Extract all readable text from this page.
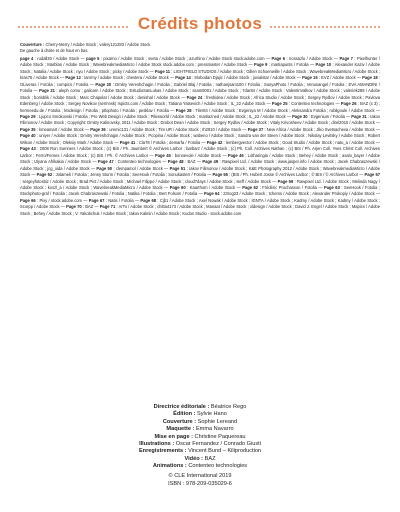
Crédits photos

Couverture : Cherry-Merry / Adobe Stock ; valery121283 / Adobe Stock
De gauche à droite et de haut en bas.

page 4 : rudall30 / Adobe Stock — page 5 : pixarno / Adobe Stock ; sveta / Adobe Stock ; azurhino / Adobe Stock stock.adobe.com — Page 6 : nossazlu / Adobe Stock — Page 7 : Pixelhunter / Adobe Stock ; Marblan / Adobe Stock ; WavebreakmediaMicro / Adobe Stock stock.adobe.com ; pressmaster / Adobe Stock — Page 9 : martiapunts / Fotolia — Page 10 : Alexander Kaziv / Adobe Stock ; Natalia / Adobe Stock ; nyu / Adobe Stock ; picky / Adobe Stock — Page 11 : LIGHTFIELD STUDIOS / Adobe Stock ; Gillen Schoenwille / Adobe Stock ; WavebreakMediaMicro / Adobe Stock ; kras75 / Adobe Stock — Page 12 : lanrmy / adobe Stock ; chevtera / Adobe Stock — Page 14 : Slobodan Djajic / Adobe Stock ; jovialstar / Adobe Stock — Page 15 : EVZ / Adobe Stock — Page 18 : OLiveras / Fotolia ; cornpics / Fotolia — Page 20 : Dmitry Vereshchagin / Fotolia ; Gabriel Blaj / Fotolia ; nathanjsam100 / Fotolia ; SunyaPhoto / Fotolia ; Venusangel / Fotolia ; EVA AMANDINI / Fotolia — Page 21 : aleph comu ; galicarn / Adobe Stock ; EstudioSanLukas / Adobe Stock ; ssam0001 / Adobe Stock ; 7dar84 / Adobe Stock ; ValentinValkov / Adobe Stock ; valeriek289 / Adobe Stock ; borisblik / Adobe Stock ; Marc Chapelat / Adobe Stock ; denishal / Adobe Stock — Page 24 : freshidea / Adobe Stock ; Africa Studio / Adobe Stock ; Sergey Rydlov / Adobe Stock ; Pavlova Edenberg / Adobe Stock ; Sergey Novikov (sermnsk) rspicts.com / Adobe Stock ; Tatiana Yatsevich / Adobe Stock ; IL_22 Adobe Stock — Page 25 : Contenteo technologies — Page 26 : BAZ (x 3) ; hermeedu.de / Fotolia ; ktsdesign / Fotolia ; ptlophoto / Fotolia ; pesklav / Fotolia — Page 28 : Tiler84 / Adobe Stock ; Evgeniya M / Adobe Stock ; Aleksandra Fotolia ; robilgoule / Adobe Stock — Page 29 : Ljupco Smokovski / Fotolia ; Pro Web Design / Adobe Stock ; Pikisworld / Adobe Stock ; martiazned / Adobe Stock ; IL_22 / Adobe Stock — Page 30 : Evgenium / Fotolia — Page 31 : Iakov Filimonov / Adobe Stock ; Copyright: Dmitry Kalinovsky, 2011 / Adobe Stock ; Drobot Dean / Adobe Stock ; Sergey Rydlov / Adobe Stock ; Vitaly Krivosheev / Adobe Stock ; direl2010 / Adobe Stock — Page 35 : kmeamart / Adobe Stock — Page 36 : uremic131 / Adobe Stock ; Tim UR / Adobe Stock ; rh2010 / Adobe Stock — Page 37 : New Africa / Adobe Stock ; Jiko Svetsacheva / Adobe Stock — Page 40 : uniyer / Adobe Stock ; Dmitry Vereshchagin / Adobe Stock ; Pcopina / Adobe Stock ; wabeno / Adobe Stock ; Sandra van der Steen / Adobe Stock ; Nikolay Levitsky / Adobe Stock ; Robert Wilson / Adobe Stock ; Oleksiy Mark / Adobe Stock — Page 41 : Cla78 / Fotolia ; demarfa / Fotolia — Page 42 : lembergvector / Adobe Stock ; Good Studio / Adobe Stock ; natu_a / Adobe Stock — Page 43 : 2008 Ron Sumners / Adobe Stock ; (c) BiS / Ph. Jaumbert © Archives Larbor ; barbarz / Adobe Stock ; (c) Ph. Coll. Archives Nathan ; (c) BiS / Ph. Arjen Coll. Yves Christ Coll. Archives Larbor ; Ferro/Fernes / Adobe Stock ; (c) BiS / Ph. © Archives Larbor — Page 45 : bonnevole / Adobe Stock — Page 46 : Lotharingia / Adobe Stock ; Behey / Adobe Stock ; asalo_bayer / Adobe Stock ; Ulyana Afrikakia / Adobe Stock — Page 47 : Contenteo technologies — Page 48 : BAZ — Page 49 : Rawpixel Ltd. / Adobe Stock ; www.jasper.info / Adobe Stock ; Jacek Chabraszewski / Adobe Stock ; jcg_oida / Adobe Stock — Page 50 : clempamol / Adobe Stock — Page 51 : Iakov Filimonov / Adobe Stock ; K&E Photography 2012 / Adobe Stock ; WavebreakmediaMicro / Adobe Stock — Page 52 : Jotamek / Fotolia ; Jenny Sturm / Fotolia ; SeeHook / Fotolia ; Sonukasterr / Fotolia — Page 55 : (BIS / Ph. Hubert Josse © Archives Larbor ; © BIS / © Archives Larbor — Page 57 : sergeyfotosbiz / Adobe Stock ; Brad Pict / Adobe Stock ; Michael Filippo / Adobe Stock ; cloud7days / Adobe Stock ; steff / Adobe Stock — Page 59 : Rawpixel Ltd. / Adobe Stock ; Melinda Nagy / Adobe Stock ; koszl_a / Adobe Stock ; WavebreakMediaMicro / Adobe Stock — Page 60 : Kaarthom / Adobe Stock — Page 62 : Frédéric Prochasson / Fotolia — Page 63 : SeeHook / Fotolia ; Stockphoto-graf / Fotolia ; Jacek Chabraszewski / Fotolia ; Natika / Fotolia ; Bert Folsom / Fotolia — Page 64 : 23rog23 / Adobe Stock ; tchems / Adobe Stock ; Alexander Prokopiy / Adobe Stock — Page 66 : Pixy / stock.adobe.com — Page 67 : Natis / Fotolia — Page 68 : Cjb1 / Adobe Stock ; Axel Nowak / Adobe Stock ; IGNTA / Adobe Stock ; Kadmy / Adobe Stock ; Kadmy / Adobe Stock ; Scorpp / Adobe Stock — Page 70 : BAZ — Page 71 : ArTo / Adobe Stock ; chitta4173 / Adobe Stock ; Manaat / Adobe Stock ; xldesign / Adobe Stock ; David J. Engel / Adobe Stock ; Mapics / Adobe Stock ; Behey / Adobe Stock ; V. Yakobchuk / Adobe Stock ; Iakov Kalinin / Adobe Stock ; Kudos Studio - stock.adobe.com

Directrice éditoriale : Béatrice Rego
Édition : Sylvie Hano
Couverture : Sophie Lereand
Maquette : Emma Navarro
Mise en page : Christine Paquereau
Illustrations : Oscar Fernandez / Conrado Giusti
Enregistrements : Vincent Bund – Kiliproduction
Vidéo : BAZ
Animations : Contenteo technologies
© CLE International 2019
ISBN : 978-209-035029-6
